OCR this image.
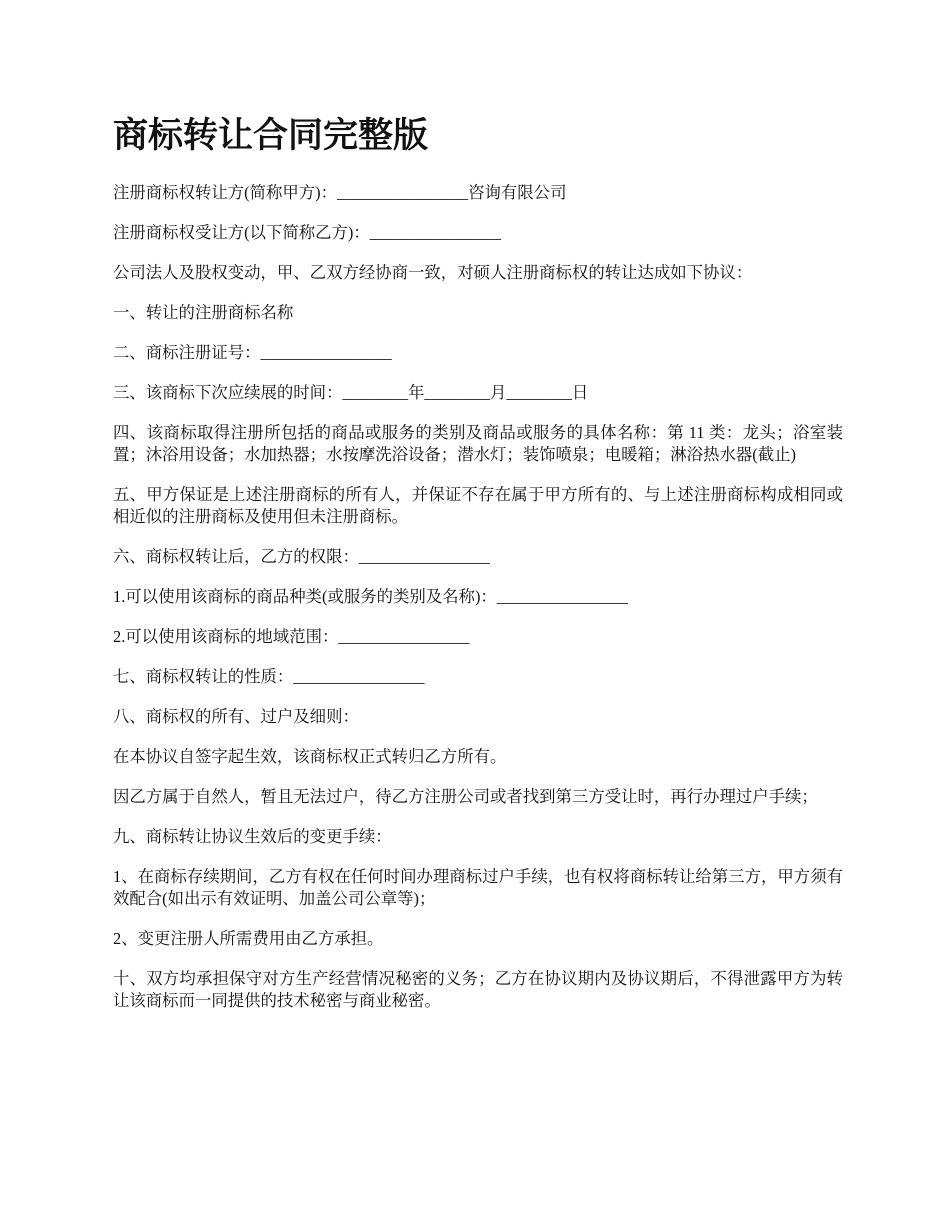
商标转让合同完整版

注册商标权转让方(简称甲方)：________________咨询有限公司

注册商标权受让方(以下简称乙方)：________________

公司法人及股权变动，甲、乙双方经协商一致，对硕人注册商标权的转让达成如下协议：

一、转让的注册商标名称

二、商标注册证号：________________

三、该商标下次应续展的时间：________年________月________日

四、该商标取得注册所包括的商品或服务的类别及商品或服务的具体名称：第 11 类：龙头；浴室装置；沐浴用设备；水加热器；水按摩洗浴设备；潜水灯；装饰喷泉；电暖箱；淋浴热水器(截止)

五、甲方保证是上述注册商标的所有人，并保证不存在属于甲方所有的、与上述注册商标构成相同或相近似的注册商标及使用但未注册商标。

六、商标权转让后，乙方的权限：________________

1.可以使用该商标的商品种类(或服务的类别及名称)：________________

2.可以使用该商标的地域范围：________________

七、商标权转让的性质：________________

八、商标权的所有、过户及细则：

在本协议自签字起生效，该商标权正式转归乙方所有。

因乙方属于自然人，暂且无法过户，待乙方注册公司或者找到第三方受让时，再行办理过户手续；

九、商标转让协议生效后的变更手续：

1、在商标存续期间，乙方有权在任何时间办理商标过户手续，也有权将商标转让给第三方，甲方须有效配合(如出示有效证明、加盖公司公章等)；

2、变更注册人所需费用由乙方承担。

十、双方均承担保守对方生产经营情况秘密的义务；乙方在协议期内及协议期后，不得泄露甲方为转让该商标而一同提供的技术秘密与商业秘密。
